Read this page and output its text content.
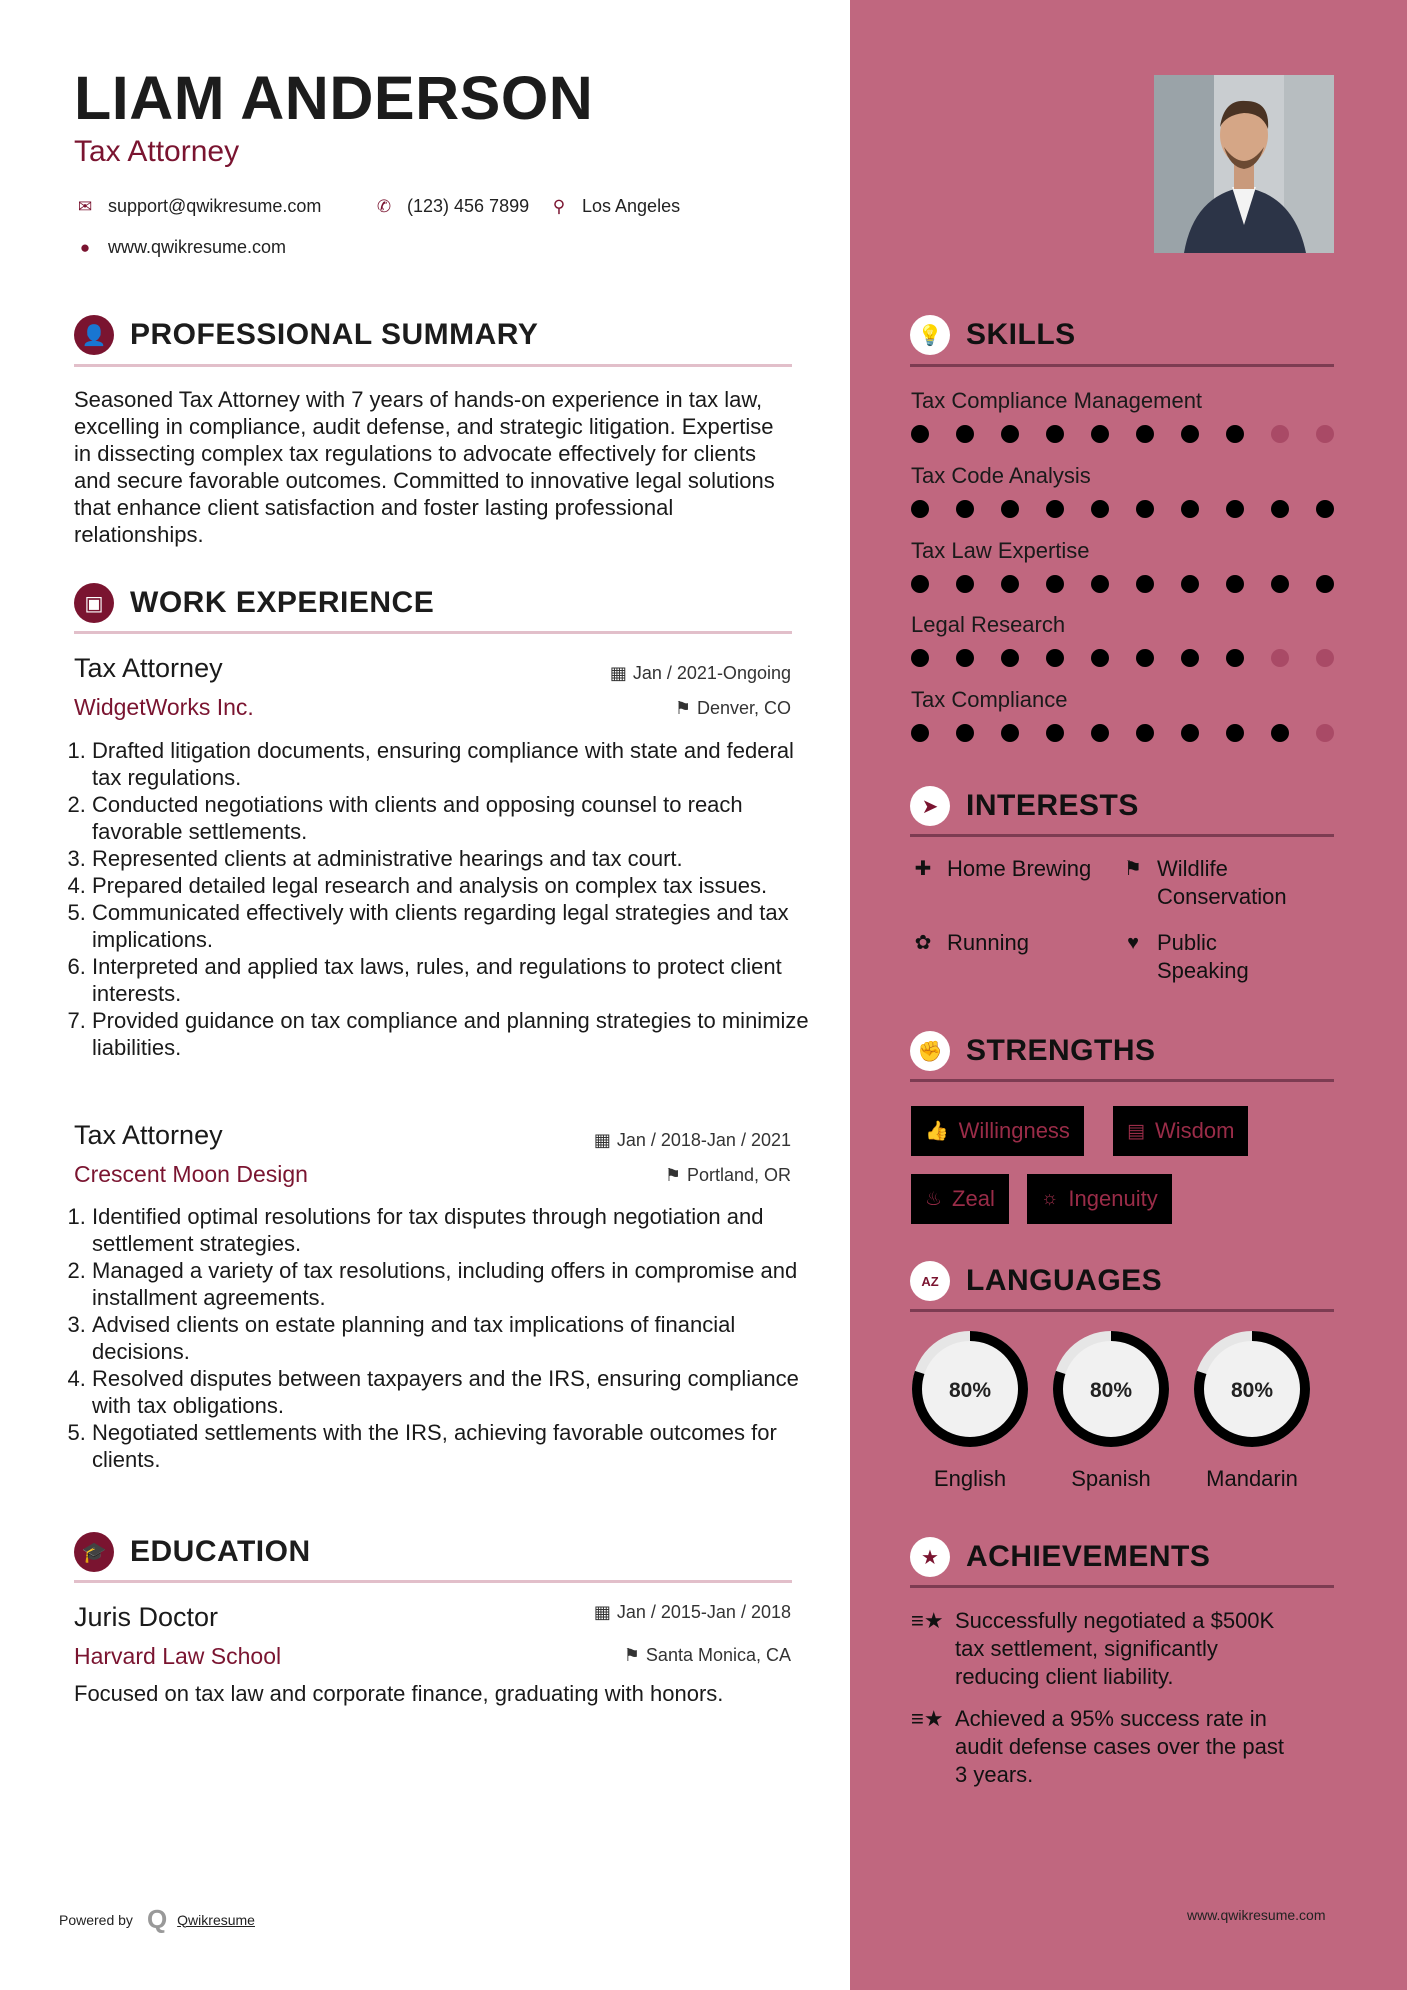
LIAM ANDERSON
Tax Attorney
✉ support@qwikresume.com	✆ (123) 456 7899 ⚲ Los Angeles
● www.qwikresume.com
👤 PROFESSIONAL SUMMARY

Seasoned Tax Attorney with 7 years of hands-on experience in tax law, excelling in compliance, audit defense, and strategic litigation. Expertise in dissecting complex tax regulations to advocate effectively for clients and secure favorable outcomes. Committed to innovative legal solutions that enhance client satisfaction and foster lasting professional relationships.

▣ WORK EXPERIENCE
Tax Attorney
WidgetWorks Inc.
▦ Jan / 2021-Ongoing
⚑ Denver, CO
1. Drafted litigation documents, ensuring compliance with state and federal tax regulations.
2. Conducted negotiations with clients and opposing counsel to reach favorable settlements.
3. Represented clients at administrative hearings and tax court.
4. Prepared detailed legal research and analysis on complex tax issues.
5. Communicated effectively with clients regarding legal strategies and tax implications.
6. Interpreted and applied tax laws, rules, and regulations to protect client interests.
7. Provided guidance on tax compliance and planning strategies to minimize liabilities.
Tax Attorney
Crescent Moon Design
▦ Jan / 2018-Jan / 2021
⚑ Portland, OR
1. Identified optimal resolutions for tax disputes through negotiation and settlement strategies.
2. Managed a variety of tax resolutions, including offers in compromise and installment agreements.
3. Advised clients on estate planning and tax implications of financial decisions.
4. Resolved disputes between taxpayers and the IRS, ensuring compliance with tax obligations.
5. Negotiated settlements with the IRS, achieving favorable outcomes for clients.
🎓 EDUCATION
Juris Doctor
Harvard Law School
▦ Jan / 2015-Jan / 2018
⚑ Santa Monica, CA

Focused on tax law and corporate finance, graduating with honors.

💡 SKILLS
Tax Compliance Management
Tax Code Analysis
Tax Law Expertise
Legal Research
Tax Compliance
➤ INTERESTS
✚ Home Brewing ⚑ Wildlife
Conservation
✿ Running	♥ Public
Speaking
✊ STRENGTHS
👍 Willingness	▤ Wisdom
♨ Zeal ☼ Ingenuity
AZ LANGUAGES
80%	80%	80%
English	Spanish	Mandarin
★ ACHIEVEMENTS
≡★ Successfully negotiated a $500K
tax settlement, significantly
reducing client liability.
≡★ Achieved a 95% success rate in
audit defense cases over the past
3 years.
Powered by Q Qwikresume	www.qwikresume.com
